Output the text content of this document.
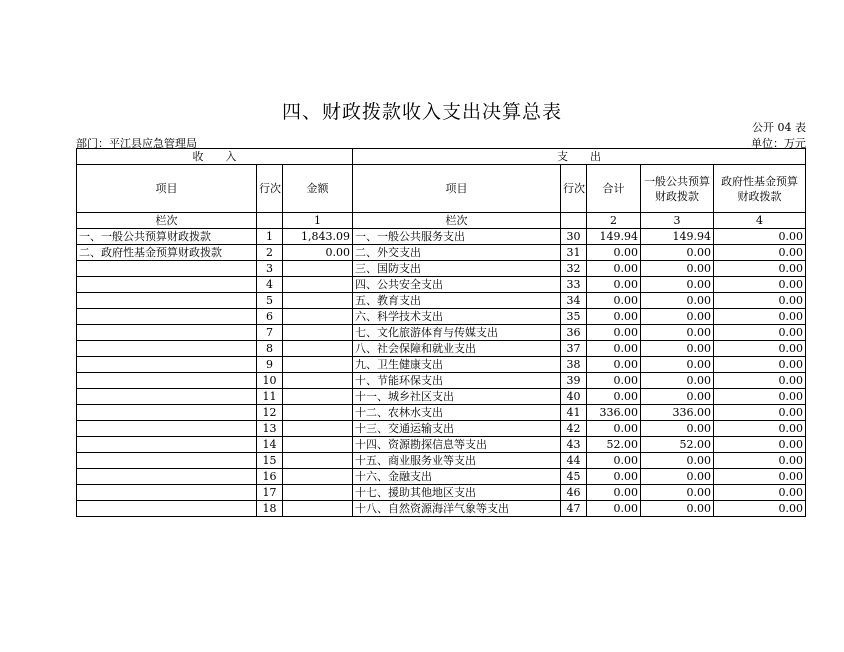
四、财政拨款收入支出决算总表
公开 04 表
部门：平江县应急管理局	单位：万元
收　　入			支　　出				
项目	行次	金额	项目	行次	合计	一般公共预算财政拨款	政府性基金预算财政拨款
栏次		1	栏次		2	3	4
一、一般公共预算财政拨款	1	1,843.09	一、一般公共服务支出	30	149.94	149.94	0.00
二、政府性基金预算财政拨款	2	0.00	二、外交支出	31	0.00	0.00	0.00
	3		三、国防支出	32	0.00	0.00	0.00
	4		四、公共安全支出	33	0.00	0.00	0.00
	5		五、教育支出	34	0.00	0.00	0.00
	6		六、科学技术支出	35	0.00	0.00	0.00
	7		七、文化旅游体育与传媒支出	36	0.00	0.00	0.00
	8		八、社会保障和就业支出	37	0.00	0.00	0.00
	9		九、卫生健康支出	38	0.00	0.00	0.00
	10		十、节能环保支出	39	0.00	0.00	0.00
	11		十一、城乡社区支出	40	0.00	0.00	0.00
	12		十二、农林水支出	41	336.00	336.00	0.00
	13		十三、交通运输支出	42	0.00	0.00	0.00
	14		十四、资源勘探信息等支出	43	52.00	52.00	0.00
	15		十五、商业服务业等支出	44	0.00	0.00	0.00
	16		十六、金融支出	45	0.00	0.00	0.00
	17		十七、援助其他地区支出	46	0.00	0.00	0.00
	18		十八、自然资源海洋气象等支出	47	0.00	0.00	0.00
